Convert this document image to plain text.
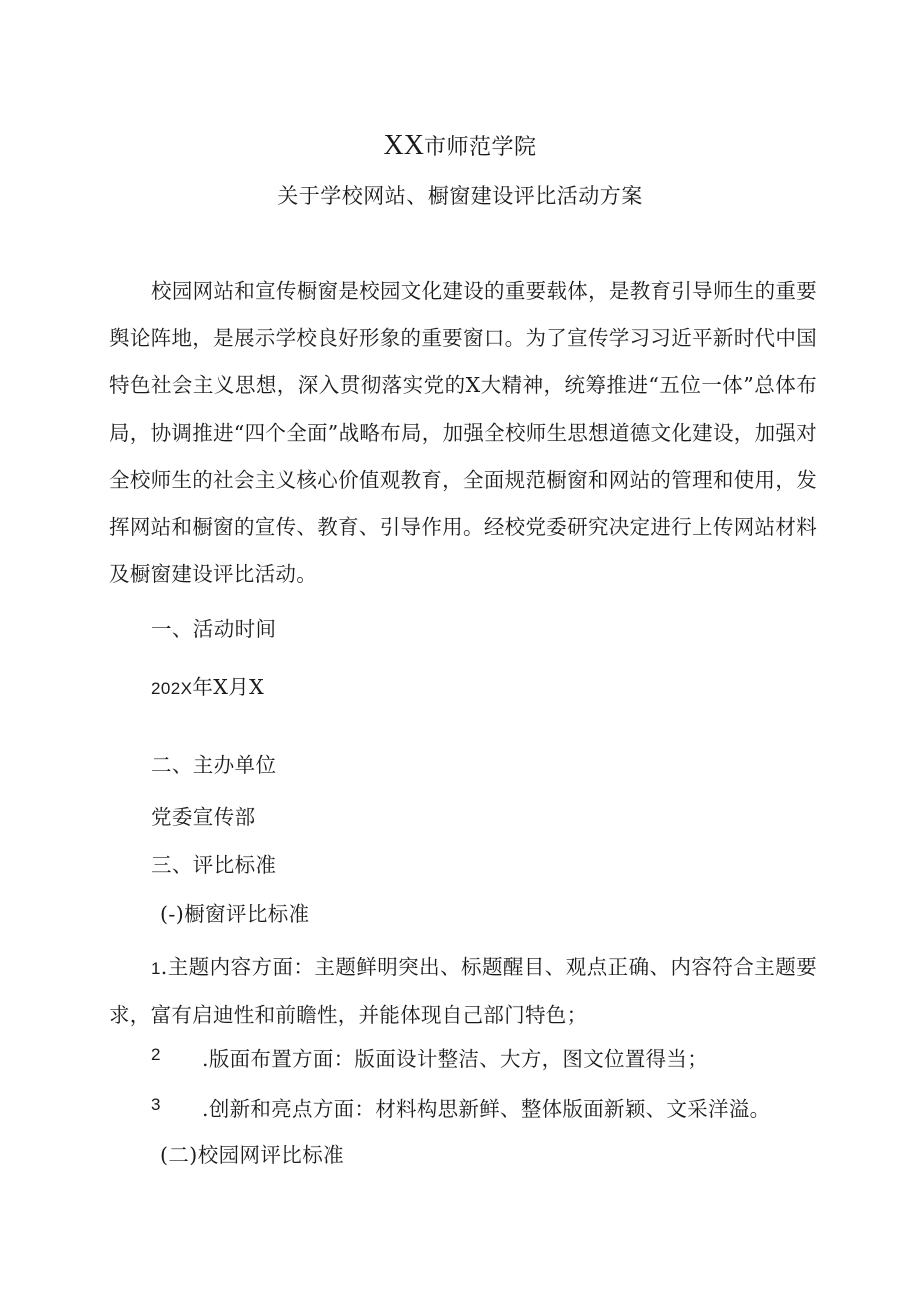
XX市师范学院
关于学校网站、橱窗建设评比活动方案
校园网站和宣传橱窗是校园文化建设的重要载体，是教育引导师生的重要舆论阵地，是展示学校良好形象的重要窗口。为了宣传学习习近平新时代中国特色社会主义思想，深入贯彻落实党的X大精神，统筹推进“五位一体”总体布局，协调推进“四个全面”战略布局，加强全校师生思想道德文化建设，加强对全校师生的社会主义核心价值观教育，全面规范橱窗和网站的管理和使用，发挥网站和橱窗的宣传、教育、引导作用。经校党委研究决定进行上传网站材料及橱窗建设评比活动。
一、活动时间
202X年X月X
二、主办单位
党委宣传部
三、评比标准
(-)橱窗评比标准
1.主题内容方面：主题鲜明突出、标题醒目、观点正确、内容符合主题要求，富有启迪性和前瞻性，并能体现自己部门特色；
2 .版面布置方面：版面设计整洁、大方，图文位置得当；
3 .创新和亮点方面：材料构思新鲜、整体版面新颖、文采洋溢。
(二)校园网评比标准
